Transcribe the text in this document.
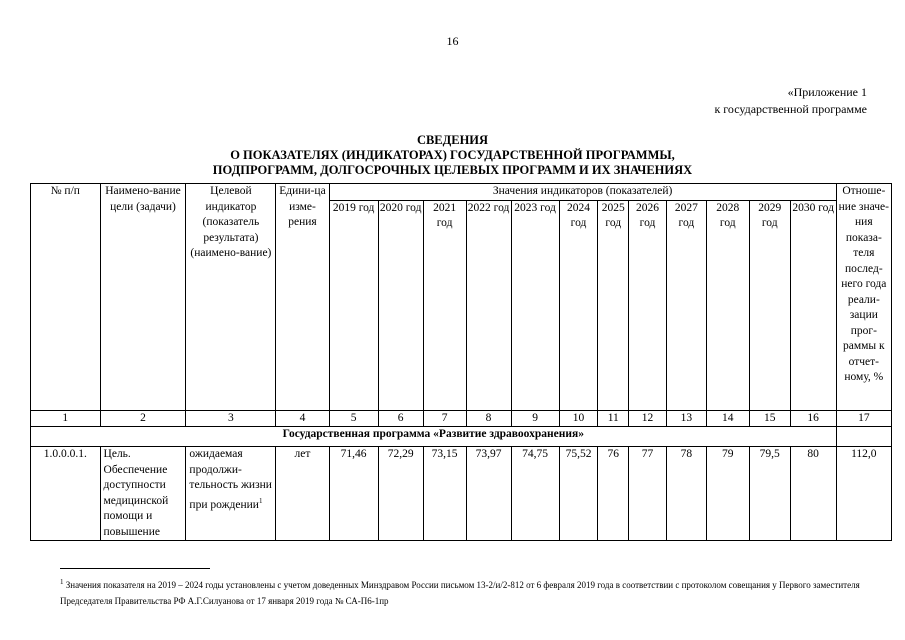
16
«Приложение 1
к государственной программе
СВЕДЕНИЯ
О ПОКАЗАТЕЛЯХ (ИНДИКАТОРАХ) ГОСУДАРСТВЕННОЙ ПРОГРАММЫ,
ПОДПРОГРАММ, ДОЛГОСРОЧНЫХ ЦЕЛЕВЫХ ПРОГРАММ И ИХ ЗНАЧЕНИЯХ
№ п/п	Наимено-вание цели (задачи)	Целевой индикатор (показатель результата) (наимено-вание)	Едини-ца изме-рения	Значения индикаторов (показателей)												Отноше-ние значе-ния показа-теля послед-него года реали-зации прог-раммы к отчет-ному, %
				2019 год	2020 год	2021 год	2022 год	2023 год	2024 год	2025 год	2026 год	2027 год	2028 год	2029 год	2030 год	
1	2	3	4	5	6	7	8	9	10	11	12	13	14	15	16	17
Государственная программа «Развитие здравоохранения»																
1.0.0.0.1.	Цель. Обеспечение доступности медицинской помощи и повышение	ожидаемая продолжи-тельность жизни при рождении$^1$	лет	71,46	72,29	73,15	73,97	74,75	75,52	76	77	78	79	79,5	80	112,0
$^1$ Значения показателя на 2019 – 2024 годы установлены с учетом доведенных Минздравом России письмом 13-2/и/2-812 от 6 февраля 2019 года в соответствии с протоколом совещания у Первого заместителя Председателя Правительства РФ А.Г.Силуанова от 17 января 2019 года № СА-П6-1пр
